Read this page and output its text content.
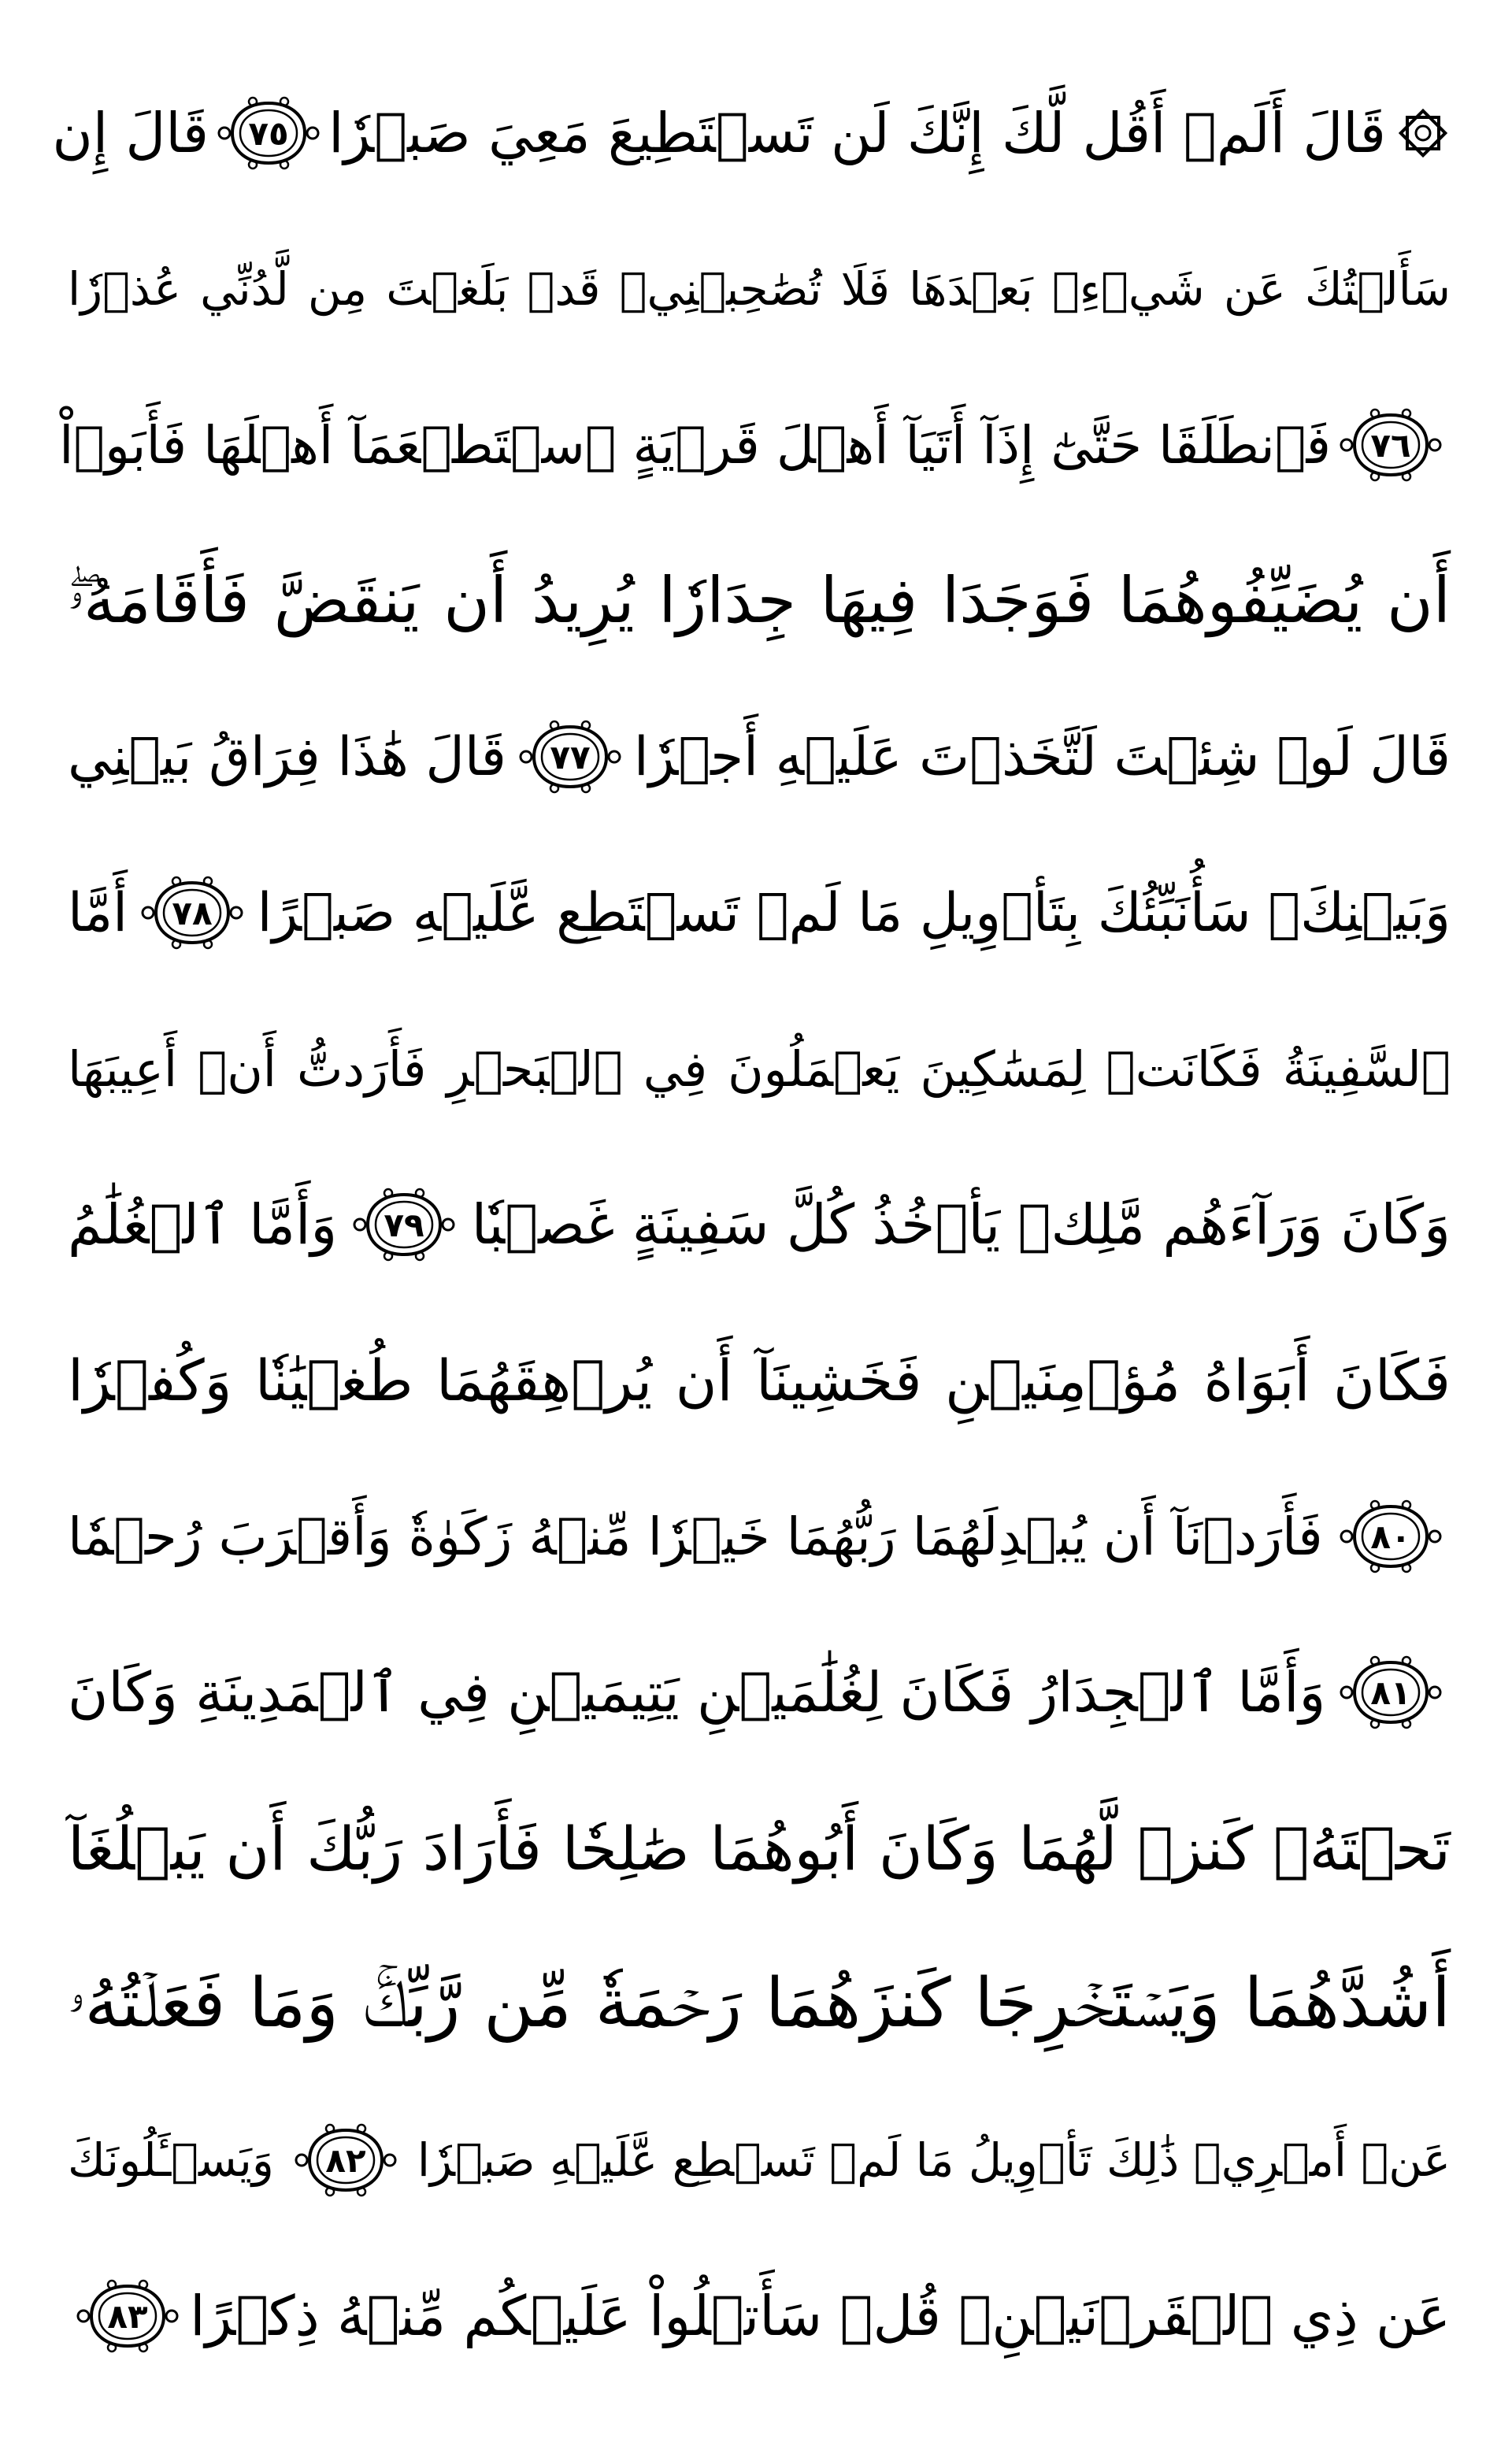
قَالَ أَلَمۡ أَقُل لَّكَ إِنَّكَ لَن تَسۡتَطِيعَ مَعِيَ صَبۡرٗا
٧٥
قَالَ إِن
سَأَلۡتُكَ عَن شَيۡءِۭ بَعۡدَهَا فَلَا تُصَٰحِبۡنِيۖ قَدۡ بَلَغۡتَ مِن لَّدُنِّي عُذۡرٗا
٧٦
فَٱنطَلَقَا حَتَّىٰٓ إِذَآ أَتَيَآ أَهۡلَ قَرۡيَةٍ ٱسۡتَطۡعَمَآ أَهۡلَهَا فَأَبَوۡاْ
أَن يُضَيِّفُوهُمَا فَوَجَدَا فِيهَا جِدَارٗا يُرِيدُ أَن يَنقَضَّ فَأَقَامَهُۥۖ
قَالَ لَوۡ شِئۡتَ لَتَّخَذۡتَ عَلَيۡهِ أَجۡرٗا
٧٧
قَالَ هَٰذَا فِرَاقُ بَيۡنِي
وَبَيۡنِكَۚ سَأُنَبِّئُكَ بِتَأۡوِيلِ مَا لَمۡ تَسۡتَطِع عَّلَيۡهِ صَبۡرًا
٧٨
أَمَّا
ٱلسَّفِينَةُ فَكَانَتۡ لِمَسَٰكِينَ يَعۡمَلُونَ فِي ٱلۡبَحۡرِ فَأَرَدتُّ أَنۡ أَعِيبَهَا
وَكَانَ وَرَآءَهُم مَّلِكٞ يَأۡخُذُ كُلَّ سَفِينَةٍ غَصۡبٗا
٧٩
وَأَمَّا ٱلۡغُلَٰمُ
فَكَانَ أَبَوَاهُ مُؤۡمِنَيۡنِ فَخَشِينَآ أَن يُرۡهِقَهُمَا طُغۡيَٰنٗا وَكُفۡرٗا
٨٠
فَأَرَدۡنَآ أَن يُبۡدِلَهُمَا رَبُّهُمَا خَيۡرٗا مِّنۡهُ زَكَوٰةٗ وَأَقۡرَبَ رُحۡمٗا
٨١
وَأَمَّا ٱلۡجِدَارُ فَكَانَ لِغُلَٰمَيۡنِ يَتِيمَيۡنِ فِي ٱلۡمَدِينَةِ وَكَانَ
تَحۡتَهُۥ كَنزٞ لَّهُمَا وَكَانَ أَبُوهُمَا صَٰلِحٗا فَأَرَادَ رَبُّكَ أَن يَبۡلُغَآ
أَشُدَّهُمَا وَيَسۡتَخۡرِجَا كَنزَهُمَا رَحۡمَةٗ مِّن رَّبِّكَۚ وَمَا فَعَلۡتُهُۥ
عَنۡ أَمۡرِيۚ ذَٰلِكَ تَأۡوِيلُ مَا لَمۡ تَسۡطِع عَّلَيۡهِ صَبۡرٗا
٨٢
وَيَسۡـَٔلُونَكَ
عَن ذِي ٱلۡقَرۡنَيۡنِۖ قُلۡ سَأَتۡلُواْ عَلَيۡكُم مِّنۡهُ ذِكۡرًا
٨٣
